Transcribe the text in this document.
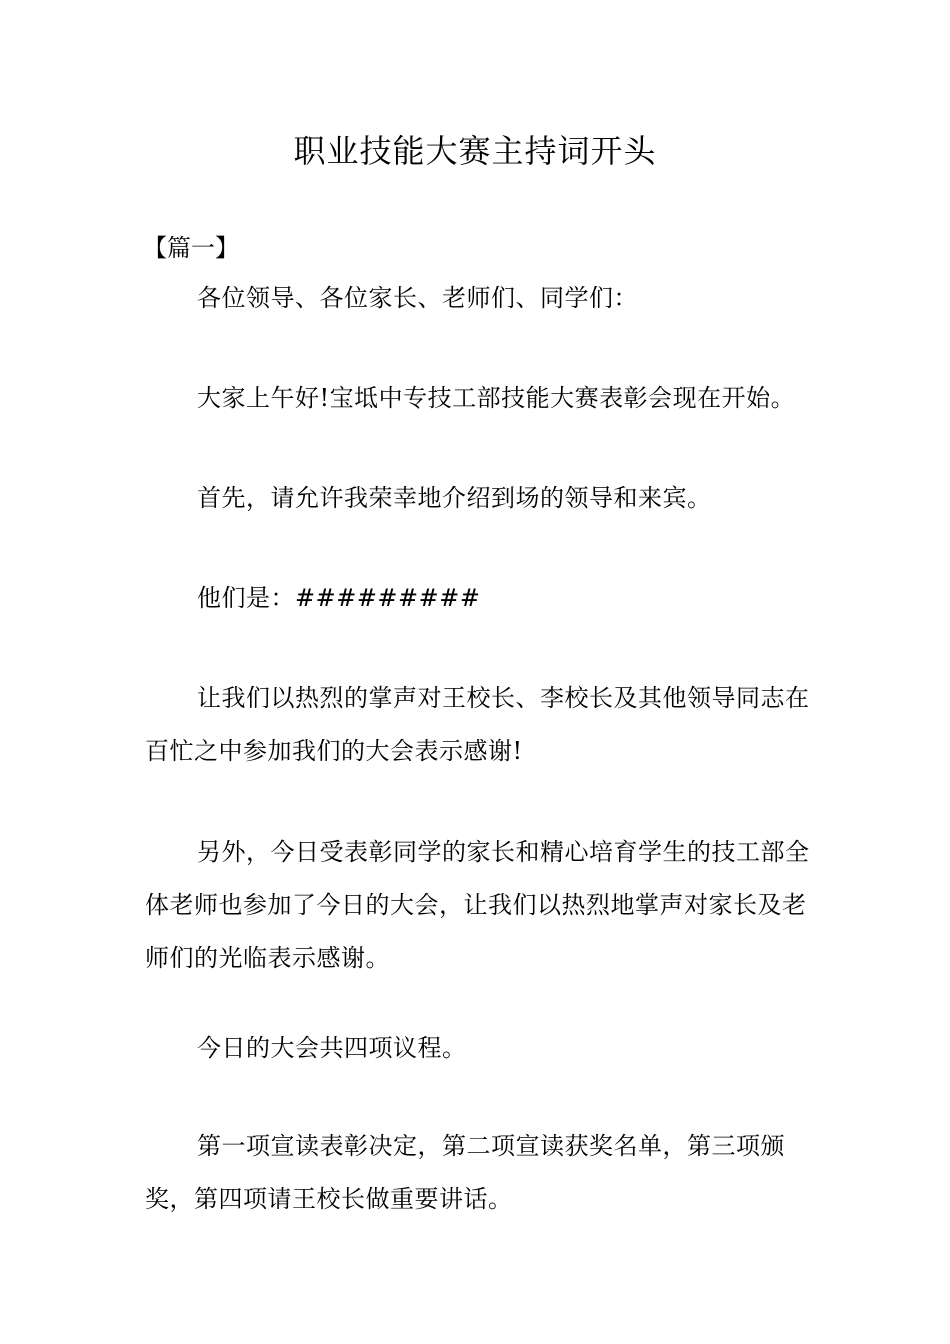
职业技能大赛主持词开头
【篇一】

各位领导、各位家长、老师们、同学们：

大家上午好!宝坻中专技工部技能大赛表彰会现在开始。

首先，请允许我荣幸地介绍到场的领导和来宾。

他们是：#########

让我们以热烈的掌声对王校长、李校长及其他领导同志在百忙之中参加我们的大会表示感谢!

另外，今日受表彰同学的家长和精心培育学生的技工部全体老师也参加了今日的大会，让我们以热烈地掌声对家长及老师们的光临表示感谢。

今日的大会共四项议程。

第一项宣读表彰决定，第二项宣读获奖名单，第三项颁奖，第四项请王校长做重要讲话。
